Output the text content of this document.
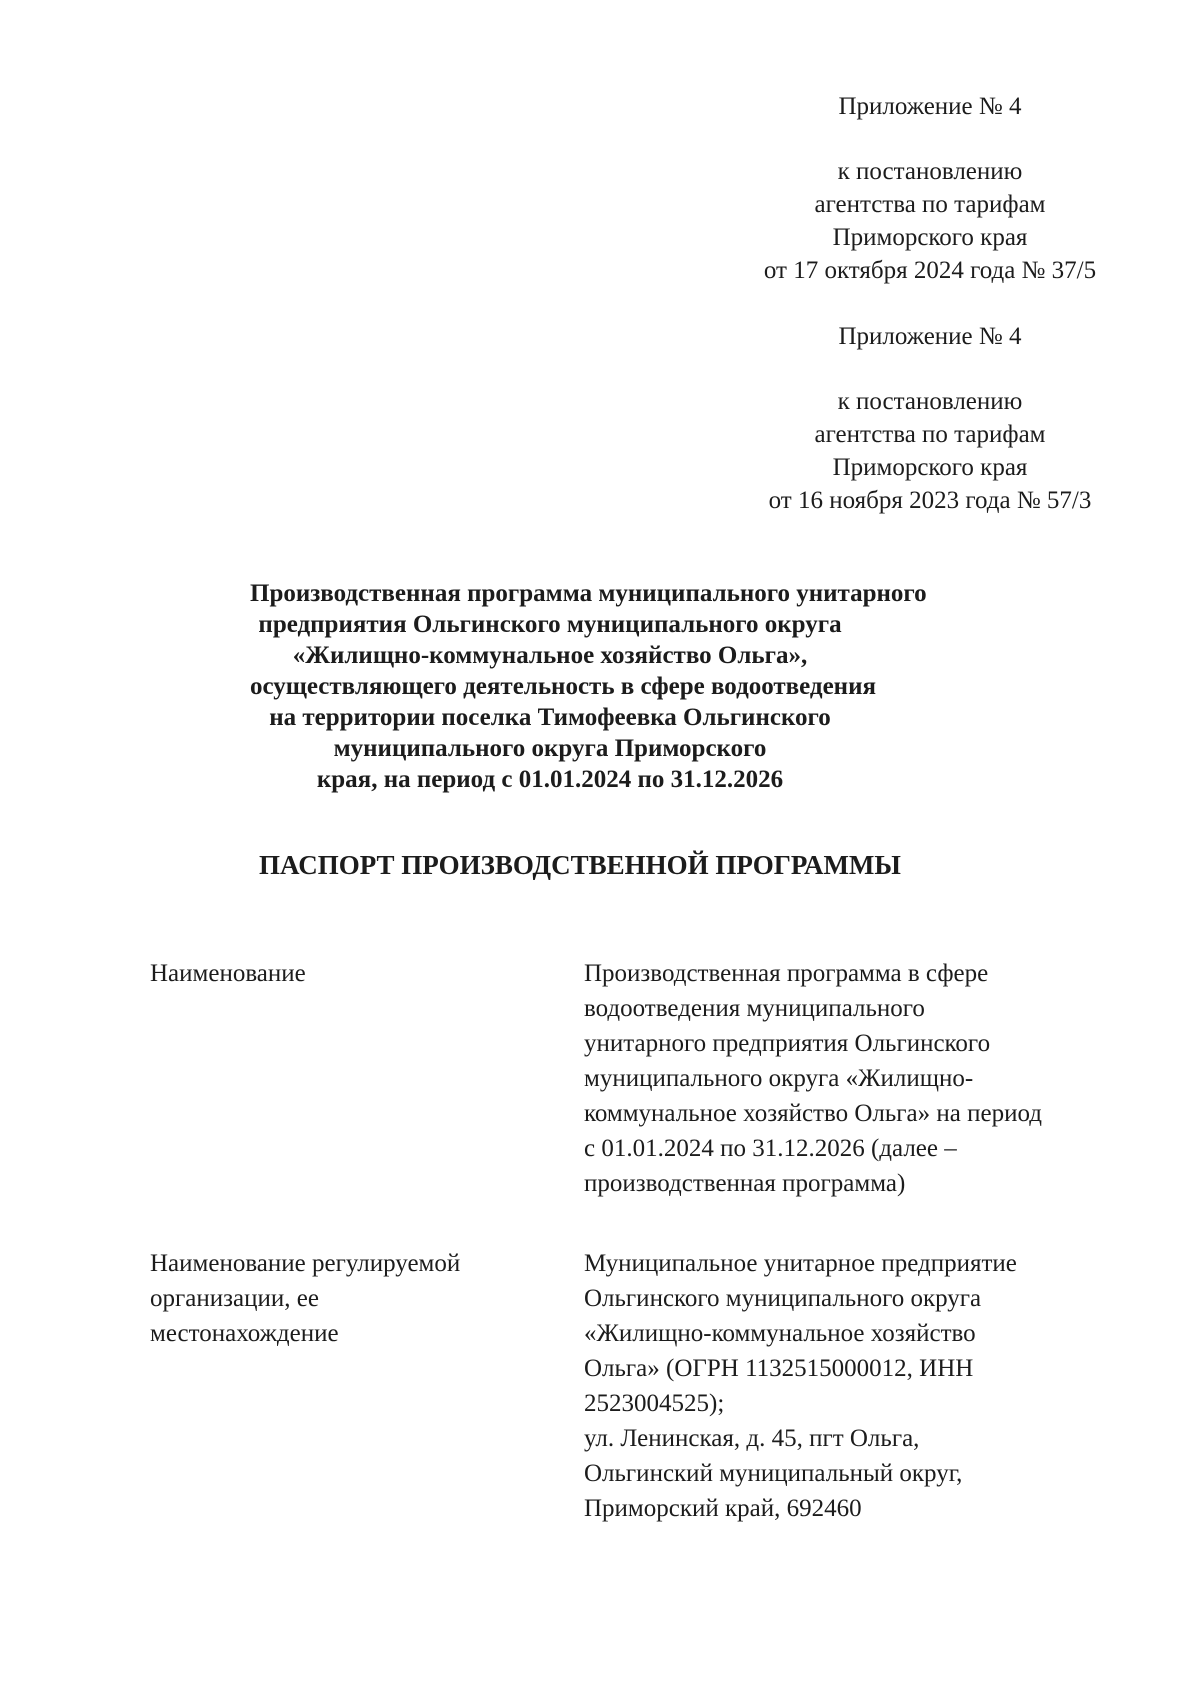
Приложение № 4
к постановлению
агентства по тарифам
Приморского края
от 17 октября 2024 года № 37/5
Приложение № 4
к постановлению
агентства по тарифам
Приморского края
от 16 ноября 2023 года № 57/3
Производственная программа муниципального унитарного
предприятия Ольгинского муниципального округа
«Жилищно-коммунальное хозяйство Ольга»,
осуществляющего деятельность в сфере водоотведения
на территории поселка Тимофеевка Ольгинского
муниципального округа Приморского
края, на период с 01.01.2024 по 31.12.2026
ПАСПОРТ ПРОИЗВОДСТВЕННОЙ ПРОГРАММЫ
Наименование	Производственная программа в сфере
водоотведения муниципального
унитарного предприятия Ольгинского
муниципального округа «Жилищно-
коммунальное хозяйство Ольга» на период
с 01.01.2024 по 31.12.2026 (далее –
производственная программа)
Наименование регулируемой
организации, ее
местонахождение
Муниципальное унитарное предприятие
Ольгинского муниципального округа
«Жилищно-коммунальное хозяйство
Ольга» (ОГРН 1132515000012, ИНН
2523004525);
ул. Ленинская, д. 45, пгт Ольга,
Ольгинский муниципальный округ,
Приморский край, 692460
